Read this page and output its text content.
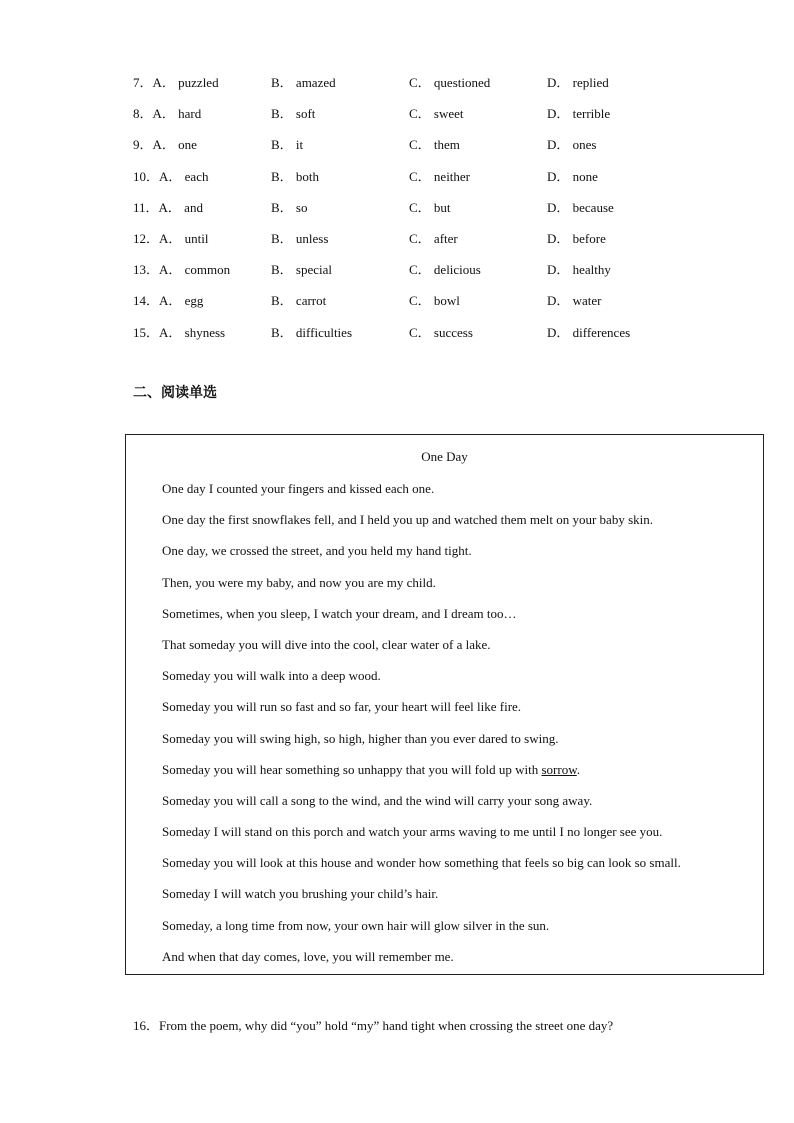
7．A． puzzled	B． amazed	C． questioned	D． replied
8．A． hard	B． soft	C． sweet	D． terrible
9．A． one	B． it	C． them	D． ones
10．A． each	B． both	C． neither	D． none
11．A． and	B． so	C． but	D． because
12．A． until	B． unless	C． after	D． before
13．A． common	B． special	C． delicious	D． healthy
14．A． egg	B． carrot	C． bowl	D． water
15．A． shyness	B． difficulties	C． success	D． differences
二、阅读单选
One Day
One day I counted your fingers and kissed each one.
One day the first snowflakes fell, and I held you up and watched them melt on your baby skin.
One day, we crossed the street, and you held my hand tight.
Then, you were my baby, and now you are my child.
Sometimes, when you sleep, I watch your dream, and I dream too…
That someday you will dive into the cool, clear water of a lake.
Someday you will walk into a deep wood.
Someday you will run so fast and so far, your heart will feel like fire.
Someday you will swing high, so high, higher than you ever dared to swing.
Someday you will hear something so unhappy that you will fold up with sorrow.
Someday you will call a song to the wind, and the wind will carry your song away.
Someday I will stand on this porch and watch your arms waving to me until I no longer see you.
Someday you will look at this house and wonder how something that feels so big can look so small.
Someday I will watch you brushing your child’s hair.
Someday, a long time from now, your own hair will glow silver in the sun.
And when that day comes, love, you will remember me.
16．From the poem, why did “you” hold “my” hand tight when crossing the street one day?
